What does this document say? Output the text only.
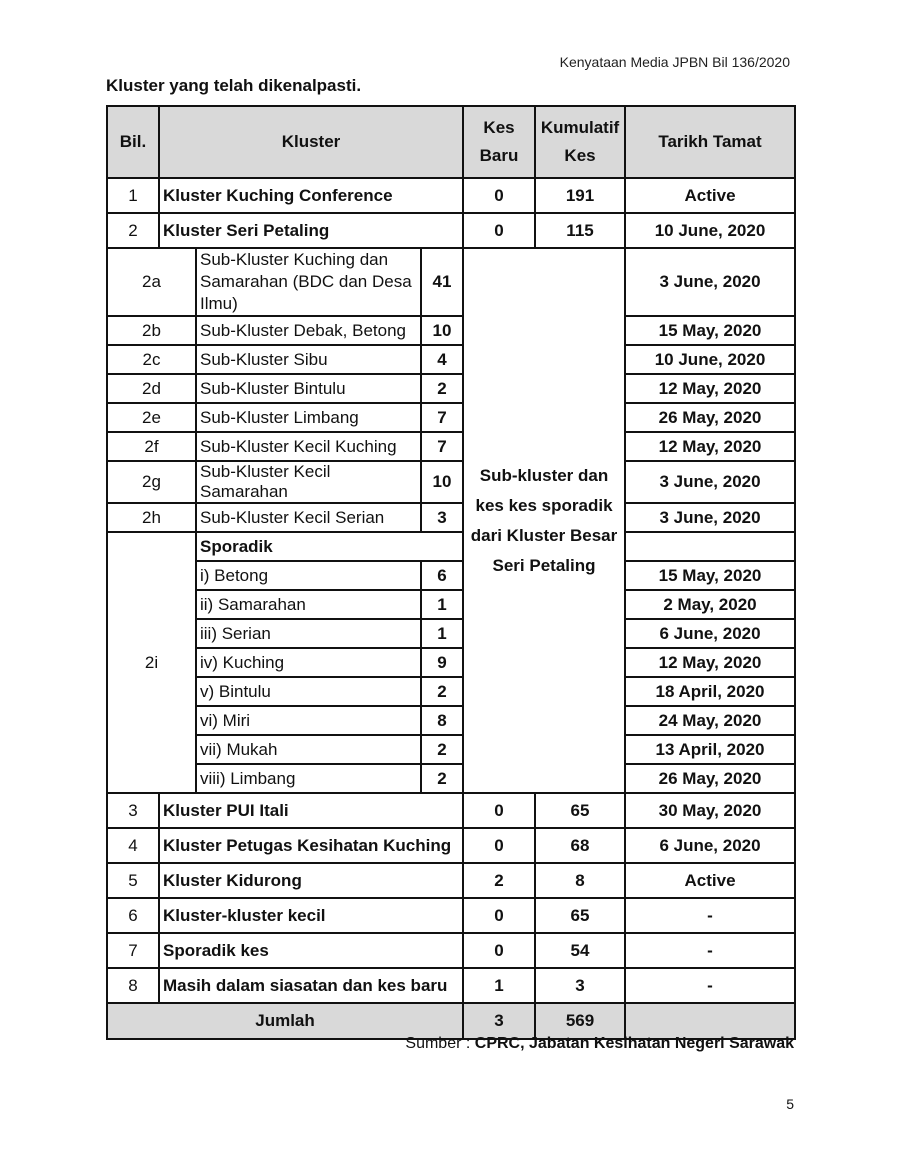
Kenyataan Media JPBN Bil 136/2020
Kluster yang telah dikenalpasti.
Bil.	Kluster			Kes Baru	Kumulatif Kes	Tarikh Tamat
1	Kluster Kuching Conference			0	191	Active
2	Kluster Seri Petaling			0	115	10 June, 2020
2a		Sub-Kluster Kuching dan Samarahan (BDC dan Desa Ilmu)	41	Sub-kluster dan kes kes sporadik dari Kluster Besar Seri Petaling		3 June, 2020
2b		Sub-Kluster Debak, Betong	10			15 May, 2020
2c		Sub-Kluster Sibu	4			10 June, 2020
2d		Sub-Kluster Bintulu	2			12 May, 2020
2e		Sub-Kluster Limbang	7			26 May, 2020
2f		Sub-Kluster Kecil Kuching	7			12 May, 2020
2g		Sub-Kluster Kecil Samarahan	10			3 June, 2020
2h		Sub-Kluster Kecil Serian	3			3 June, 2020
2i		Sporadik				
		i) Betong	6			15 May, 2020
		ii) Samarahan	1			2 May, 2020
		iii) Serian	1			6 June, 2020
		iv) Kuching	9			12 May, 2020
		v) Bintulu	2			18 April, 2020
		vi) Miri	8			24 May, 2020
		vii) Mukah	2			13 April, 2020
		viii) Limbang	2			26 May, 2020
3	Kluster PUI Itali			0	65	30 May, 2020
4	Kluster Petugas Kesihatan Kuching			0	68	6 June, 2020
5	Kluster Kidurong			2	8	Active
6	Kluster-kluster kecil			0	65	-
7	Sporadik kes			0	54	-
8	Masih dalam siasatan dan kes baru			1	3	-
Jumlah				3	569	
Sumber : CPRC, Jabatan Kesihatan Negeri Sarawak
5
